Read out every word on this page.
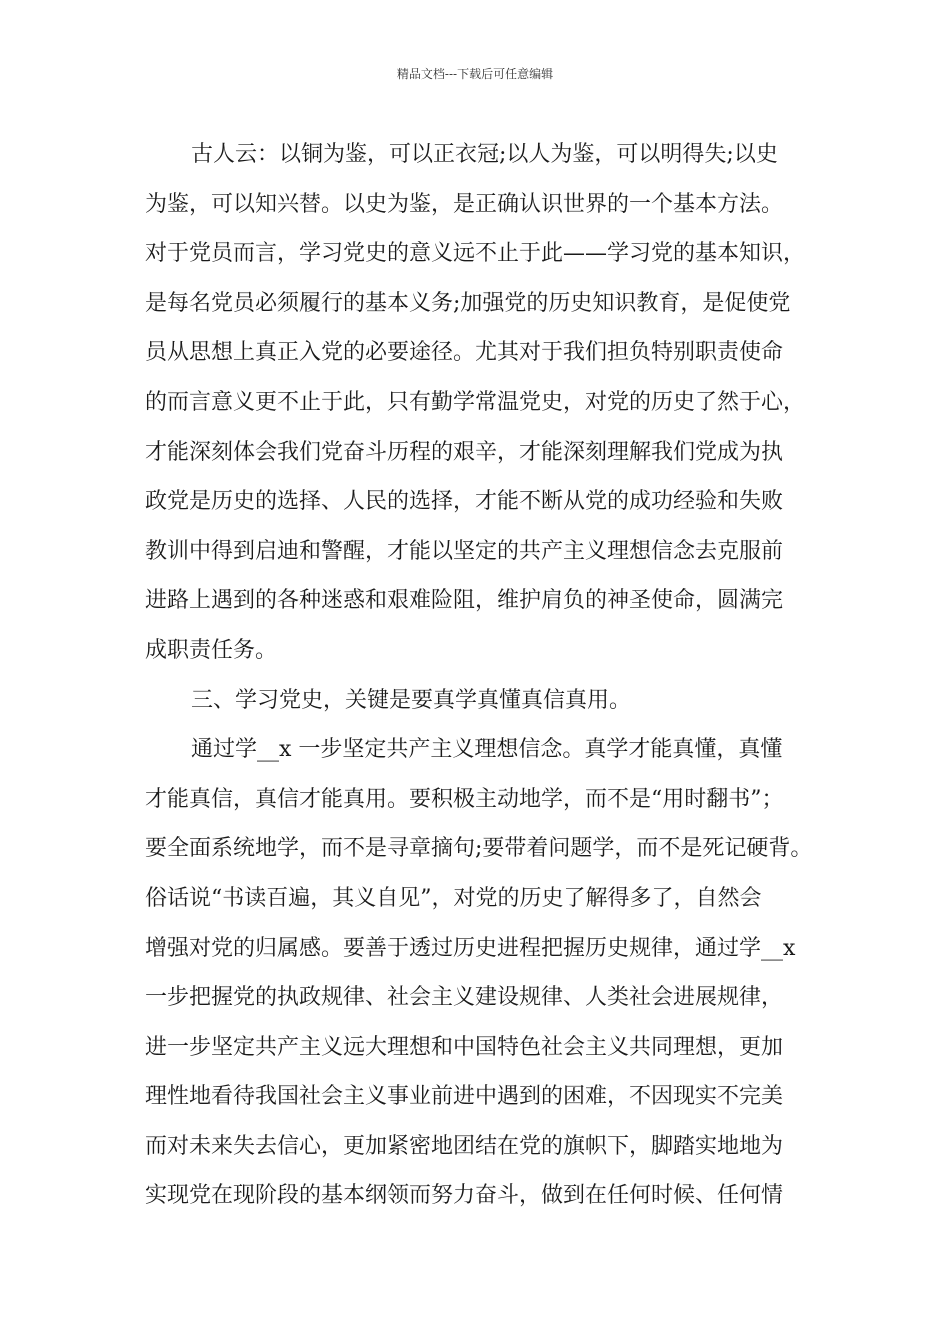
精品文档---下载后可任意编辑
古人云：以铜为鉴，可以正衣冠;以人为鉴，可以明得失;以史
为鉴，可以知兴替。以史为鉴，是正确认识世界的一个基本方法。
对于党员而言，学习党史的意义远不止于此——学习党的基本知识，
是每名党员必须履行的基本义务;加强党的历史知识教育，是促使党
员从思想上真正入党的必要途径。尤其对于我们担负特别职责使命
的而言意义更不止于此，只有勤学常温党史，对党的历史了然于心，
才能深刻体会我们党奋斗历程的艰辛，才能深刻理解我们党成为执
政党是历史的选择、人民的选择，才能不断从党的成功经验和失败
教训中得到启迪和警醒，才能以坚定的共产主义理想信念去克服前
进路上遇到的各种迷惑和艰难险阻，维护肩负的神圣使命，圆满完
成职责任务。
三、学习党史，关键是要真学真懂真信真用。
通过学__x 一步坚定共产主义理想信念。真学才能真懂，真懂
才能真信，真信才能真用。要积极主动地学，而不是“用时翻书”；
要全面系统地学，而不是寻章摘句;要带着问题学，而不是死记硬背。
俗话说“书读百遍，其义自见”，对党的历史了解得多了，自然会
增强对党的归属感。要善于透过历史进程把握历史规律，通过学__x
一步把握党的执政规律、社会主义建设规律、人类社会进展规律，
进一步坚定共产主义远大理想和中国特色社会主义共同理想，更加
理性地看待我国社会主义事业前进中遇到的困难，不因现实不完美
而对未来失去信心，更加紧密地团结在党的旗帜下，脚踏实地地为
实现党在现阶段的基本纲领而努力奋斗，做到在任何时候、任何情
